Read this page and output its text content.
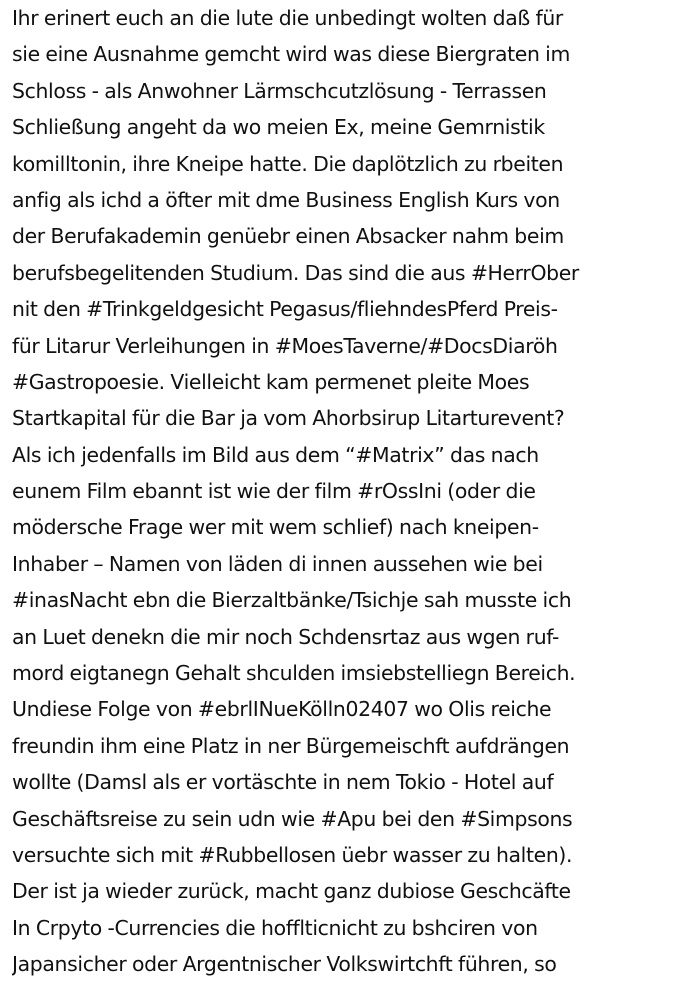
Ihr erinert euch an die lute die unbedingt wolten daß für
sie eine Ausnahme gemcht wird was diese Biergraten im
Schloss - als Anwohner Lärmschcutzlösung - Terrassen
Schließung angeht da wo meien Ex, meine Gemrnistik
komilltonin, ihre Kneipe hatte. Die daplötzlich zu rbeiten
anfig als ichd a öfter mit dme Business English Kurs von
der Berufakademin genüebr einen Absacker nahm beim
berufsbegelitenden Studium. Das sind die aus #HerrOber
nit den #Trinkgeldgesicht Pegasus/fliehndesPferd Preis-
für Litarur Verleihungen in #MoesTaverne/#DocsDiaröh
#Gastropoesie. Vielleicht kam permenet pleite Moes
Startkapital für die Bar ja vom Ahorbsirup Litarturevent?
Als ich jedenfalls im Bild aus dem “#Matrix” das nach
eunem Film ebannt ist wie der film #rOssIni (oder die
mödersche Frage wer mit wem schlief) nach kneipen-
Inhaber – Namen von läden di innen aussehen wie bei
#inasNacht ebn die Bierzaltbänke/Tsichje sah musste ich
an Luet denekn die mir noch Schdensrtaz aus wgen ruf-
mord eigtanegn Gehalt shculden imsiebstelliegn Bereich.
Undiese Folge von #ebrlINueKölln02407 wo Olis reiche
freundin ihm eine Platz in ner Bürgemeischft aufdrängen
wollte (Damsl als er vortäschte in nem Tokio - Hotel auf
Geschäftsreise zu sein udn wie #Apu bei den #Simpsons
versuchte sich mit #Rubbellosen üebr wasser zu halten).
Der ist ja wieder zurück, macht ganz dubiose Geschcäfte
In Crpyto -Currencies die hofflticnicht zu bshciren von
Japansicher oder Argentnischer Volkswirtchft führen, so
